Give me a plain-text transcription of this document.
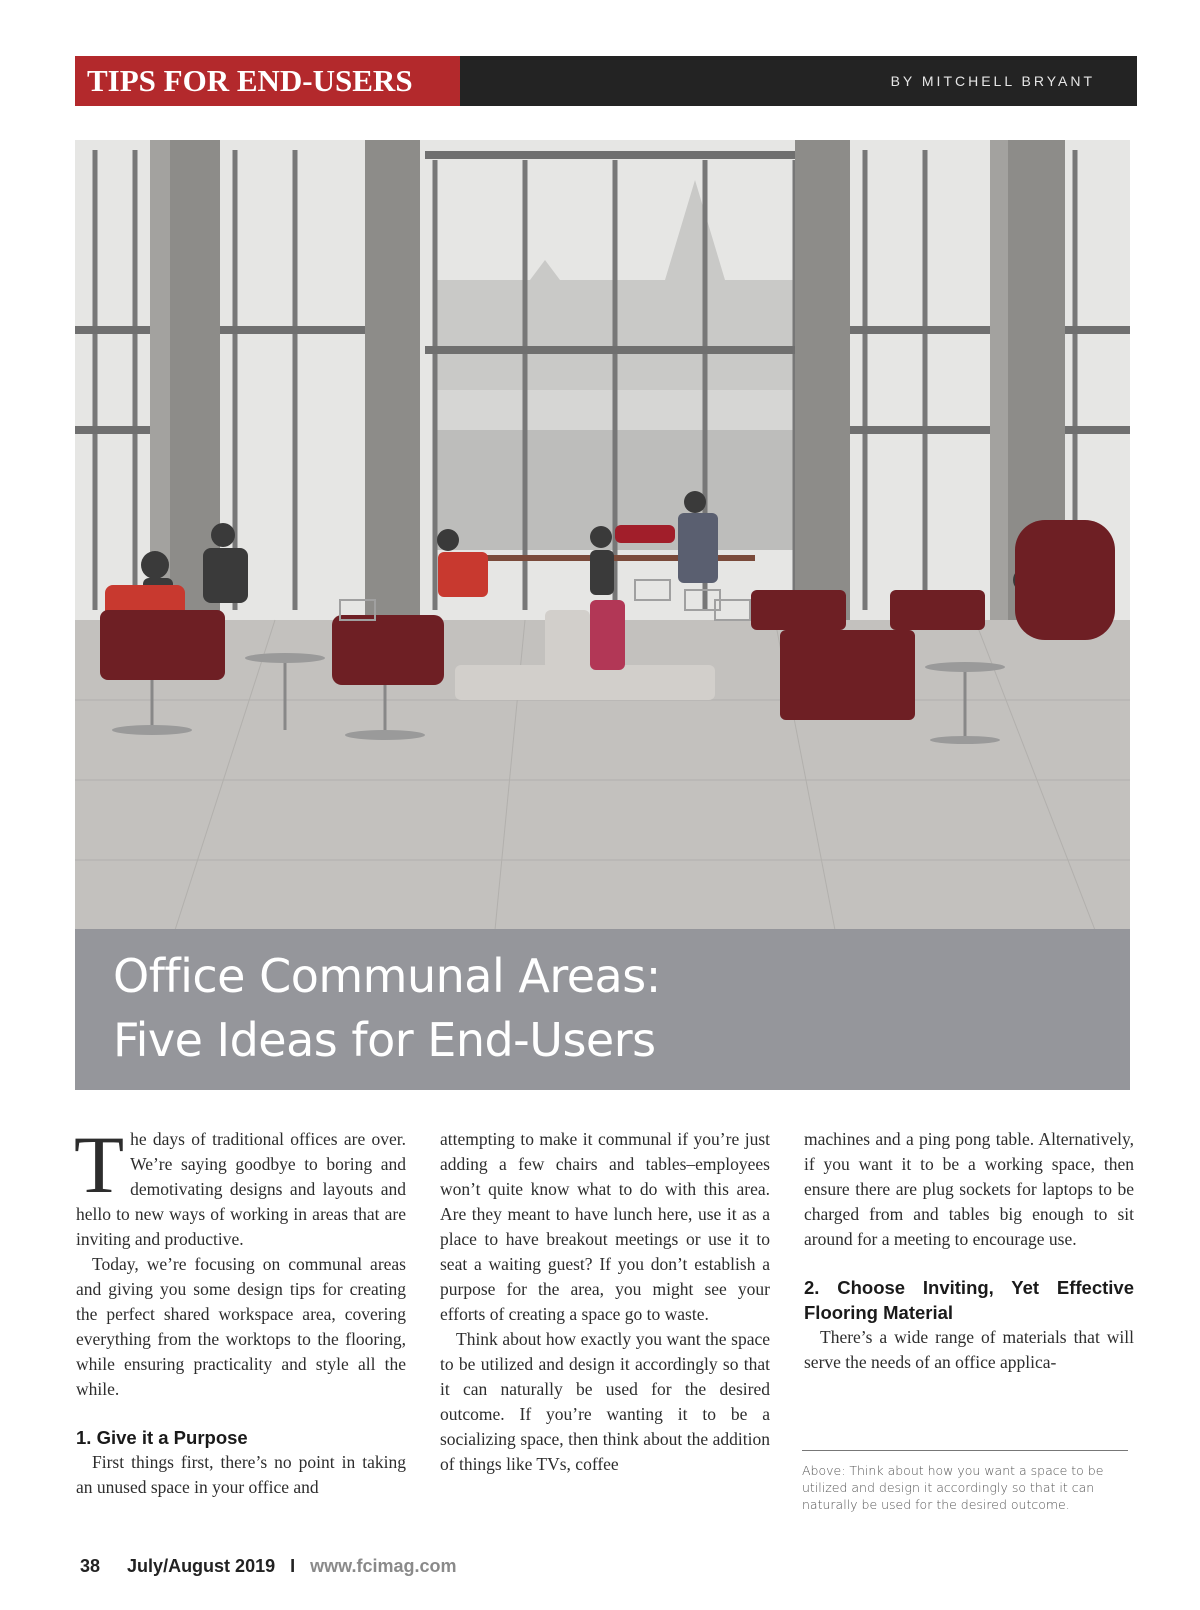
TIPS FOR END-USERS	BY MITCHELL BRYANT
Office Communal Areas:
Five Ideas for End-Users

The days of traditional offices are over. We’re saying goodbye to boring and demotivating designs and layouts and hello to new ways of working in areas that are inviting and productive.

Today, we’re focusing on communal areas and giving you some design tips for creating the perfect shared workspace area, covering everything from the worktops to the flooring, while ensuring practicality and style all the while.

1. Give it a Purpose

First things first, there’s no point in taking an unused space in your office and

attempting to make it communal if you’re just adding a few chairs and tables–employees won’t quite know what to do with this area. Are they meant to have lunch here, use it as a place to have breakout meetings or use it to seat a waiting guest? If you don’t establish a purpose for the area, you might see your efforts of creating a space go to waste.

Think about how exactly you want the space to be utilized and design it accordingly so that it can naturally be used for the desired outcome. If you’re wanting it to be a socializing space, then think about the addition of things like TVs, coffee

machines and a ping pong table. Alternatively, if you want it to be a working space, then ensure there are plug sockets for laptops to be charged from and tables big enough to sit around for a meeting to encourage use.

2. Choose Inviting, Yet Effective Flooring Material

There’s a wide range of materials that will serve the needs of an office applica-

Above: Think about how you want a space to be utilized and design it accordingly so that it can naturally be used for the desired outcome.
38 July/August 2019 I www.fcimag.com
